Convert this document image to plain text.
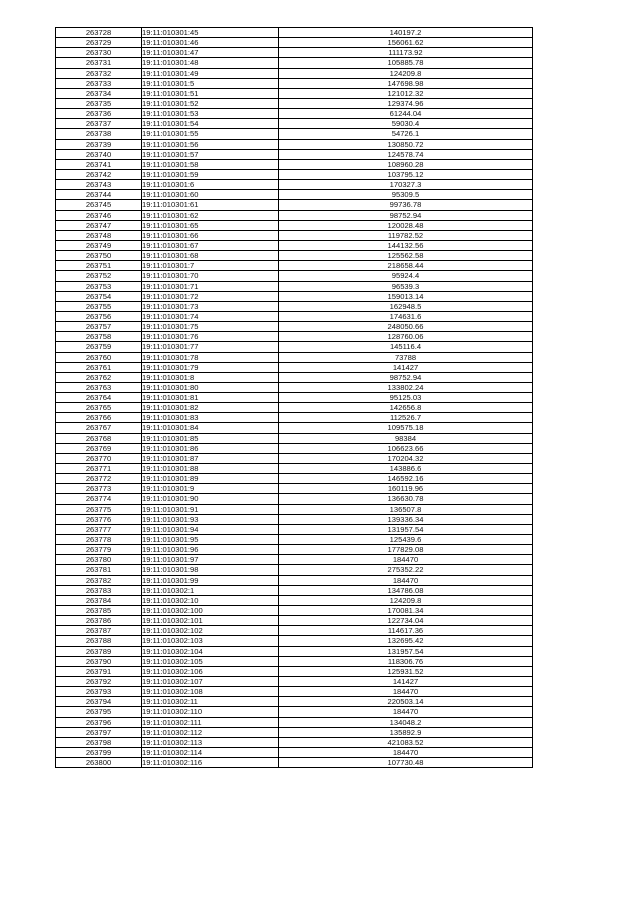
263728	19:11:010301:45	140197.2
263729	19:11:010301:46	156061.62
263730	19:11:010301:47	111173.92
263731	19:11:010301:48	105885.78
263732	19:11:010301:49	124209.8
263733	19:11:010301:5	147698.98
263734	19:11:010301:51	121012.32
263735	19:11:010301:52	129374.96
263736	19:11:010301:53	61244.04
263737	19:11:010301:54	59030.4
263738	19:11:010301:55	54726.1
263739	19:11:010301:56	130850.72
263740	19:11:010301:57	124578.74
263741	19:11:010301:58	108960.28
263742	19:11:010301:59	103795.12
263743	19:11:010301:6	170327.3
263744	19:11:010301:60	95309.5
263745	19:11:010301:61	99736.78
263746	19:11:010301:62	98752.94
263747	19:11:010301:65	120028.48
263748	19:11:010301:66	119782.52
263749	19:11:010301:67	144132.56
263750	19:11:010301:68	125562.58
263751	19:11:010301:7	218658.44
263752	19:11:010301:70	95924.4
263753	19:11:010301:71	96539.3
263754	19:11:010301:72	159013.14
263755	19:11:010301:73	162948.5
263756	19:11:010301:74	174631.6
263757	19:11:010301:75	248050.66
263758	19:11:010301:76	128760.06
263759	19:11:010301:77	145116.4
263760	19:11:010301:78	73788
263761	19:11:010301:79	141427
263762	19:11:010301:8	98752.94
263763	19:11:010301:80	133802.24
263764	19:11:010301:81	95125.03
263765	19:11:010301:82	142656.8
263766	19:11:010301:83	112526.7
263767	19:11:010301:84	109575.18
263768	19:11:010301:85	98384
263769	19:11:010301:86	106623.66
263770	19:11:010301:87	170204.32
263771	19:11:010301:88	143886.6
263772	19:11:010301:89	146592.16
263773	19:11:010301:9	160119.96
263774	19:11:010301:90	136630.78
263775	19:11:010301:91	136507.8
263776	19:11:010301:93	139336.34
263777	19:11:010301:94	131957.54
263778	19:11:010301:95	125439.6
263779	19:11:010301:96	177829.08
263780	19:11:010301:97	184470
263781	19:11:010301:98	275352.22
263782	19:11:010301:99	184470
263783	19:11:010302:1	134786.08
263784	19:11:010302:10	124209.8
263785	19:11:010302:100	170081.34
263786	19:11:010302:101	122734.04
263787	19:11:010302:102	114617.36
263788	19:11:010302:103	132695.42
263789	19:11:010302:104	131957.54
263790	19:11:010302:105	118306.76
263791	19:11:010302:106	125931.52
263792	19:11:010302:107	141427
263793	19:11:010302:108	184470
263794	19:11:010302:11	220503.14
263795	19:11:010302:110	184470
263796	19:11:010302:111	134048.2
263797	19:11:010302:112	135892.9
263798	19:11:010302:113	421083.52
263799	19:11:010302:114	184470
263800	19:11:010302:116	107730.48
